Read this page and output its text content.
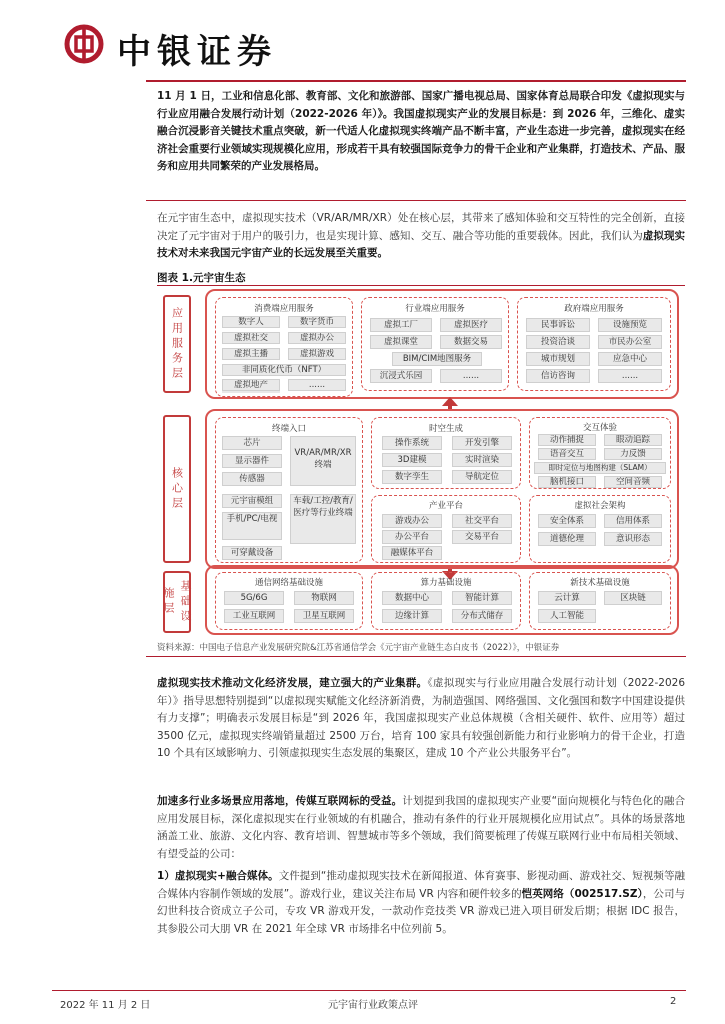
中银证券
11 月 1 日，工业和信息化部、教育部、文化和旅游部、国家广播电视总局、国家体育总局联合印发《虚拟现实与行业应用融合发展行动计划（2022-2026 年）》。我国虚拟现实产业的发展目标是：到 2026 年，三维化、虚实融合沉浸影音关键技术重点突破，新一代适人化虚拟现实终端产品不断丰富，产业生态进一步完善，虚拟现实在经济社会重要行业领域实现规模化应用，形成若干具有较强国际竞争力的骨干企业和产业集群，打造技术、产品、服务和应用共同繁荣的产业发展格局。
在元宇宙生态中，虚拟现实技术（VR/AR/MR/XR）处在核心层，其带来了感知体验和交互特性的完全创新，直接决定了元宇宙对于用户的吸引力，也是实现计算、感知、交互、融合等功能的重要载体。因此，我们认为虚拟现实技术对未来我国元宇宙产业的长远发展至关重要。
图表 1.元宇宙生态
应用服务层	消费端应用服务
数字人	数字货币
虚拟社交	虚拟办公
虚拟主播	虚拟游戏
非同质化代币（NFT）
虚拟地产	......
行业端应用服务
虚拟工厂	虚拟医疗
虚拟课堂	数据交易
BIM/CIM地图服务
沉浸式乐园	......
政府端应用服务
民事诉讼	设施预览
投资洽谈	市民办公室
城市规划	应急中心
信访咨询	......
核心层
终端入口
芯片
显示器件
传感器
VR/AR/MR/XR终端
元宇宙模组
手机/PC/电视
车载/工控/教育/医疗等行业终端
可穿戴设备
时空生成
操作系统	开发引擎
3D建模	实时渲染
数字孪生	导航定位
交互体验
动作捕捉	眼动追踪
语音交互	力反馈
即时定位与地图构建（SLAM）
脑机接口	空间音频
产业平台
游戏办公	社交平台
办公平台	交易平台
融媒体平台
虚拟社会架构
安全体系	信用体系
道德伦理	意识形态
基础设施层
通信网络基础设施
5G/6G	物联网
工业互联网	卫星互联网
算力基础设施
数据中心	智能计算
边缘计算	分布式储存
新技术基础设施
云计算	区块链
人工智能
资料来源：中国电子信息产业发展研究院&江苏省通信学会《元宇宙产业链生态白皮书（2022）》，中银证券
虚拟现实技术推动文化经济发展，建立强大的产业集群。《虚拟现实与行业应用融合发展行动计划（2022-2026 年）》指导思想特别提到“以虚拟现实赋能文化经济新消费，为制造强国、网络强国、文化强国和数字中国建设提供有力支撑”；明确表示发展目标是“到 2026 年，我国虚拟现实产业总体规模（含相关硬件、软件、应用等）超过 3500 亿元，虚拟现实终端销量超过 2500 万台，培育 100 家具有较强创新能力和行业影响力的骨干企业，打造 10 个具有区域影响力、引领虚拟现实生态发展的集聚区，建成 10 个产业公共服务平台”。
加速多行业多场景应用落地，传媒互联网标的受益。计划提到我国的虚拟现实产业要“面向规模化与特色化的融合应用发展目标，深化虚拟现实在行业领域的有机融合，推动有条件的行业开展规模化应用试点”。具体的场景落地涵盖工业、旅游、文化内容、教育培训、智慧城市等多个领域，我们简要梳理了传媒互联网行业中布局相关领域、有望受益的公司：
1）虚拟现实+融合媒体。文件提到“推动虚拟现实技术在新闻报道、体育赛事、影视动画、游戏社交、短视频等融合媒体内容制作领域的发展”。游戏行业，建议关注布局 VR 内容和硬件较多的恺英网络（002517.SZ），公司与幻世科技合资成立子公司，专攻 VR 游戏开发，一款动作竞技类 VR 游戏已进入项目研发后期；根据 IDC 报告，其参股公司大朋 VR 在 2021 年全球 VR 市场排名中位列前 5。
2022 年 11 月 2 日	元宇宙行业政策点评	2
